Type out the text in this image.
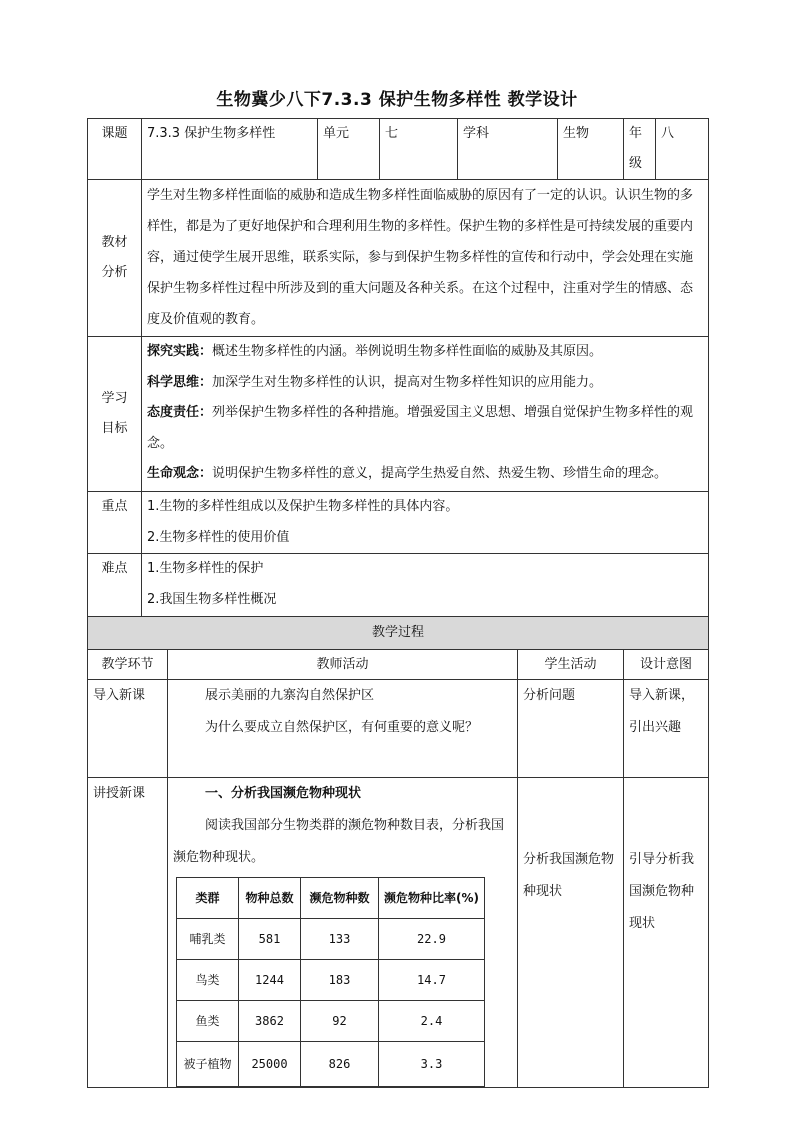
生物冀少八下7.3.3 保护生物多样性 教学设计
课题	7.3.3 保护生物多样性	单元	七	学科	生物	年级	八

教材
分析
	学生对生物多样性面临的威胁和造成生物多样性面临威胁的原因有了一定的认识。认识生物的多样性，都是为了更好地保护和合理利用生物的多样性。保护生物的多样性是可持续发展的重要内容，通过使学生展开思维，联系实际，参与到保护生物多样性的宣传和行动中，学会处理在实施保护生物多样性过程中所涉及到的重大问题及各种关系。在这个过程中，注重对学生的情感、态度及价值观的教育。

学习
目标

探究实践：概述生物多样性的内涵。举例说明生物多样性面临的威胁及其原因。
科学思维：加深学生对生物多样性的认识，提高对生物多样性知识的应用能力。
态度责任：列举保护生物多样性的各种措施。增强爱国主义思想、增强自觉保护生物多样性的观念。
生命观念：说明保护生物多样性的意义，提高学生热爱自然、热爱生物、珍惜生命的理念。

重点	1.生物的多样性组成以及保护生物多样性的具体内容。
2.生物多样性的使用价值

难点	1.生物多样性的保护
2.我国生物多样性概况

教学过程
教学环节	教师活动	学生活动	设计意图
导入新课	展示美丽的九寨沟自然保护区
为什么要成立自然保护区，有何重要的意义呢？
	分析问题	导入新课，引出兴趣
讲授新课	一、分析我国濒危物种现状
阅读我国部分生物类群的濒危物种数目表，分析我国濒危物种现状。
类群	物种总数	濒危物种数	濒危物种比率(%)
哺乳类	581	133	22.9
鸟类	1244	183	14.7
鱼类	3862	92	2.4
被子植物	25000	826	3.3
	分析我国濒危物种现状	引导分析我国濒危物种现状
